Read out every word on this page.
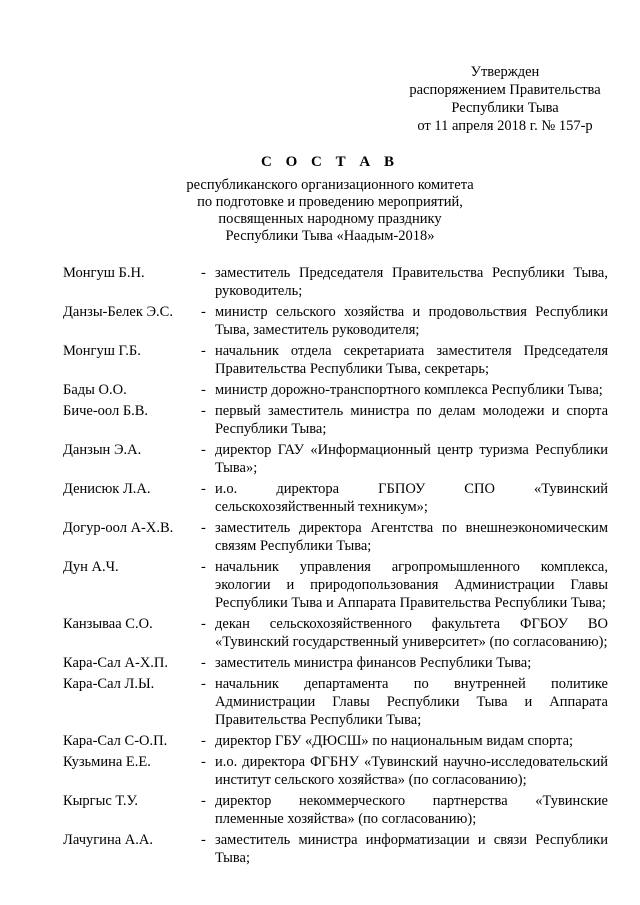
Утвержден
распоряжением Правительства
Республики Тыва
от 11 апреля 2018 г. № 157-р
С О С Т А В
республиканского организационного комитета
по подготовке и проведению мероприятий,
посвященных народному празднику
Республики Тыва «Наадым-2018»
Монгуш Б.Н.	- заместитель Председателя Правительства Республики Тыва, руководитель;
Данзы-Белек Э.С.	- министр сельского хозяйства и продовольствия Республики Тыва, заместитель руководителя;
Монгуш Г.Б.	- начальник отдела секретариата заместителя Председателя Правительства Республики Тыва, секретарь;
Бады О.О.	- министр дорожно-транспортного комплекса Республики Тыва;
Биче-оол Б.В.	- первый заместитель министра по делам молодежи и спорта Республики Тыва;
Данзын Э.А.	- директор ГАУ «Информационный центр туризма Республики Тыва»;
Денисюк Л.А.	- и.о. директора ГБПОУ СПО «Тувинский сельскохозяйственный техникум»;
Догур-оол А-Х.В.	- заместитель директора Агентства по внешнеэкономическим связям Республики Тыва;
Дун А.Ч.	- начальник управления агропромышленного комплекса, экологии и природопользования Администрации Главы Республики Тыва и Аппарата Правительства Республики Тыва;
Канзываа С.О.	- декан сельскохозяйственного факультета ФГБОУ ВО «Тувинский государственный университет» (по согласованию);
Кара-Сал А-Х.П.	- заместитель министра финансов Республики Тыва;
Кара-Сал Л.Ы.	- начальник департамента по внутренней политике Администрации Главы Республики Тыва и Аппарата Правительства Республики Тыва;
Кара-Сал С-О.П.	- директор ГБУ «ДЮСШ» по национальным видам спорта;
Кузьмина Е.Е.	- и.о. директора ФГБНУ «Тувинский научно-исследовательский институт сельского хозяйства» (по согласованию);
Кыргыс Т.У.	- директор некоммерческого партнерства «Тувинские племенные хозяйства» (по согласованию);
Лачугина А.А.	- заместитель министра информатизации и связи Республики Тыва;
